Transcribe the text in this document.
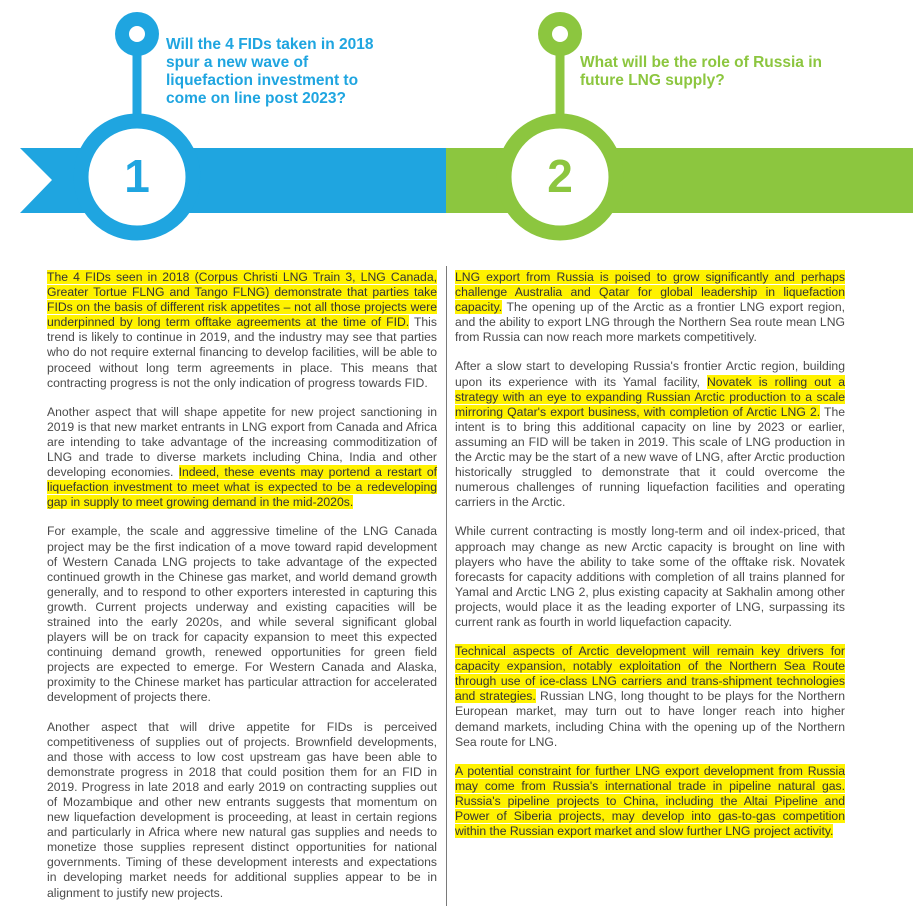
1	2

Will the 4 FIDs taken in 2018 spur a new wave of liquefaction investment to come on line post 2023?

What will be the role of Russia in future LNG supply?

The 4 FIDs seen in 2018 (Corpus Christi LNG Train 3, LNG Canada, Greater Tortue FLNG and Tango FLNG) demonstrate that parties take FIDs on the basis of different risk appetites – not all those projects were underpinned by long term offtake agreements at the time of FID. This trend is likely to continue in 2019, and the industry may see that parties who do not require external financing to develop facilities, will be able to proceed without long term agreements in place. This means that contracting progress is not the only indication of progress towards FID.

Another aspect that will shape appetite for new project sanctioning in 2019 is that new market entrants in LNG export from Canada and Africa are intending to take advantage of the increasing commoditization of LNG and trade to diverse markets including China, India and other developing economies. Indeed, these events may portend a restart of liquefaction investment to meet what is expected to be a redeveloping gap in supply to meet growing demand in the mid-2020s.

For example, the scale and aggressive timeline of the LNG Canada project may be the first indication of a move toward rapid development of Western Canada LNG projects to take advantage of the expected continued growth in the Chinese gas market, and world demand growth generally, and to respond to other exporters interested in capturing this growth. Current projects underway and existing capacities will be strained into the early 2020s, and while several significant global players will be on track for capacity expansion to meet this expected continuing demand growth, renewed opportunities for green field projects are expected to emerge. For Western Canada and Alaska, proximity to the Chinese market has particular attraction for accelerated development of projects there.

Another aspect that will drive appetite for FIDs is perceived competitiveness of supplies out of projects. Brownfield developments, and those with access to low cost upstream gas have been able to demonstrate progress in 2018 that could position them for an FID in 2019. Progress in late 2018 and early 2019 on contracting supplies out of Mozambique and other new entrants suggests that momentum on new liquefaction development is proceeding, at least in certain regions and particularly in Africa where new natural gas supplies and needs to monetize those supplies represent distinct opportunities for national governments. Timing of these development interests and expectations in developing market needs for additional supplies appear to be in alignment to justify new projects.

LNG export from Russia is poised to grow significantly and perhaps challenge Australia and Qatar for global leadership in liquefaction capacity. The opening up of the Arctic as a frontier LNG export region, and the ability to export LNG through the Northern Sea route mean LNG from Russia can now reach more markets competitively.

After a slow start to developing Russia's frontier Arctic region, building upon its experience with its Yamal facility, Novatek is rolling out a strategy with an eye to expanding Russian Arctic production to a scale mirroring Qatar's export business, with completion of Arctic LNG 2. The intent is to bring this additional capacity on line by 2023 or earlier, assuming an FID will be taken in 2019. This scale of LNG production in the Arctic may be the start of a new wave of LNG, after Arctic production historically struggled to demonstrate that it could overcome the numerous challenges of running liquefaction facilities and operating carriers in the Arctic.

While current contracting is mostly long-term and oil index-priced, that approach may change as new Arctic capacity is brought on line with players who have the ability to take some of the offtake risk. Novatek forecasts for capacity additions with completion of all trains planned for Yamal and Arctic LNG 2, plus existing capacity at Sakhalin among other projects, would place it as the leading exporter of LNG, surpassing its current rank as fourth in world liquefaction capacity.

Technical aspects of Arctic development will remain key drivers for capacity expansion, notably exploitation of the Northern Sea Route through use of ice-class LNG carriers and trans-shipment technologies and strategies. Russian LNG, long thought to be plays for the Northern European market, may turn out to have longer reach into higher demand markets, including China with the opening up of the Northern Sea route for LNG.

A potential constraint for further LNG export development from Russia may come from Russia's international trade in pipeline natural gas. Russia's pipeline projects to China, including the Altai Pipeline and Power of Siberia projects, may develop into gas-to-gas competition within the Russian export market and slow further LNG project activity.
